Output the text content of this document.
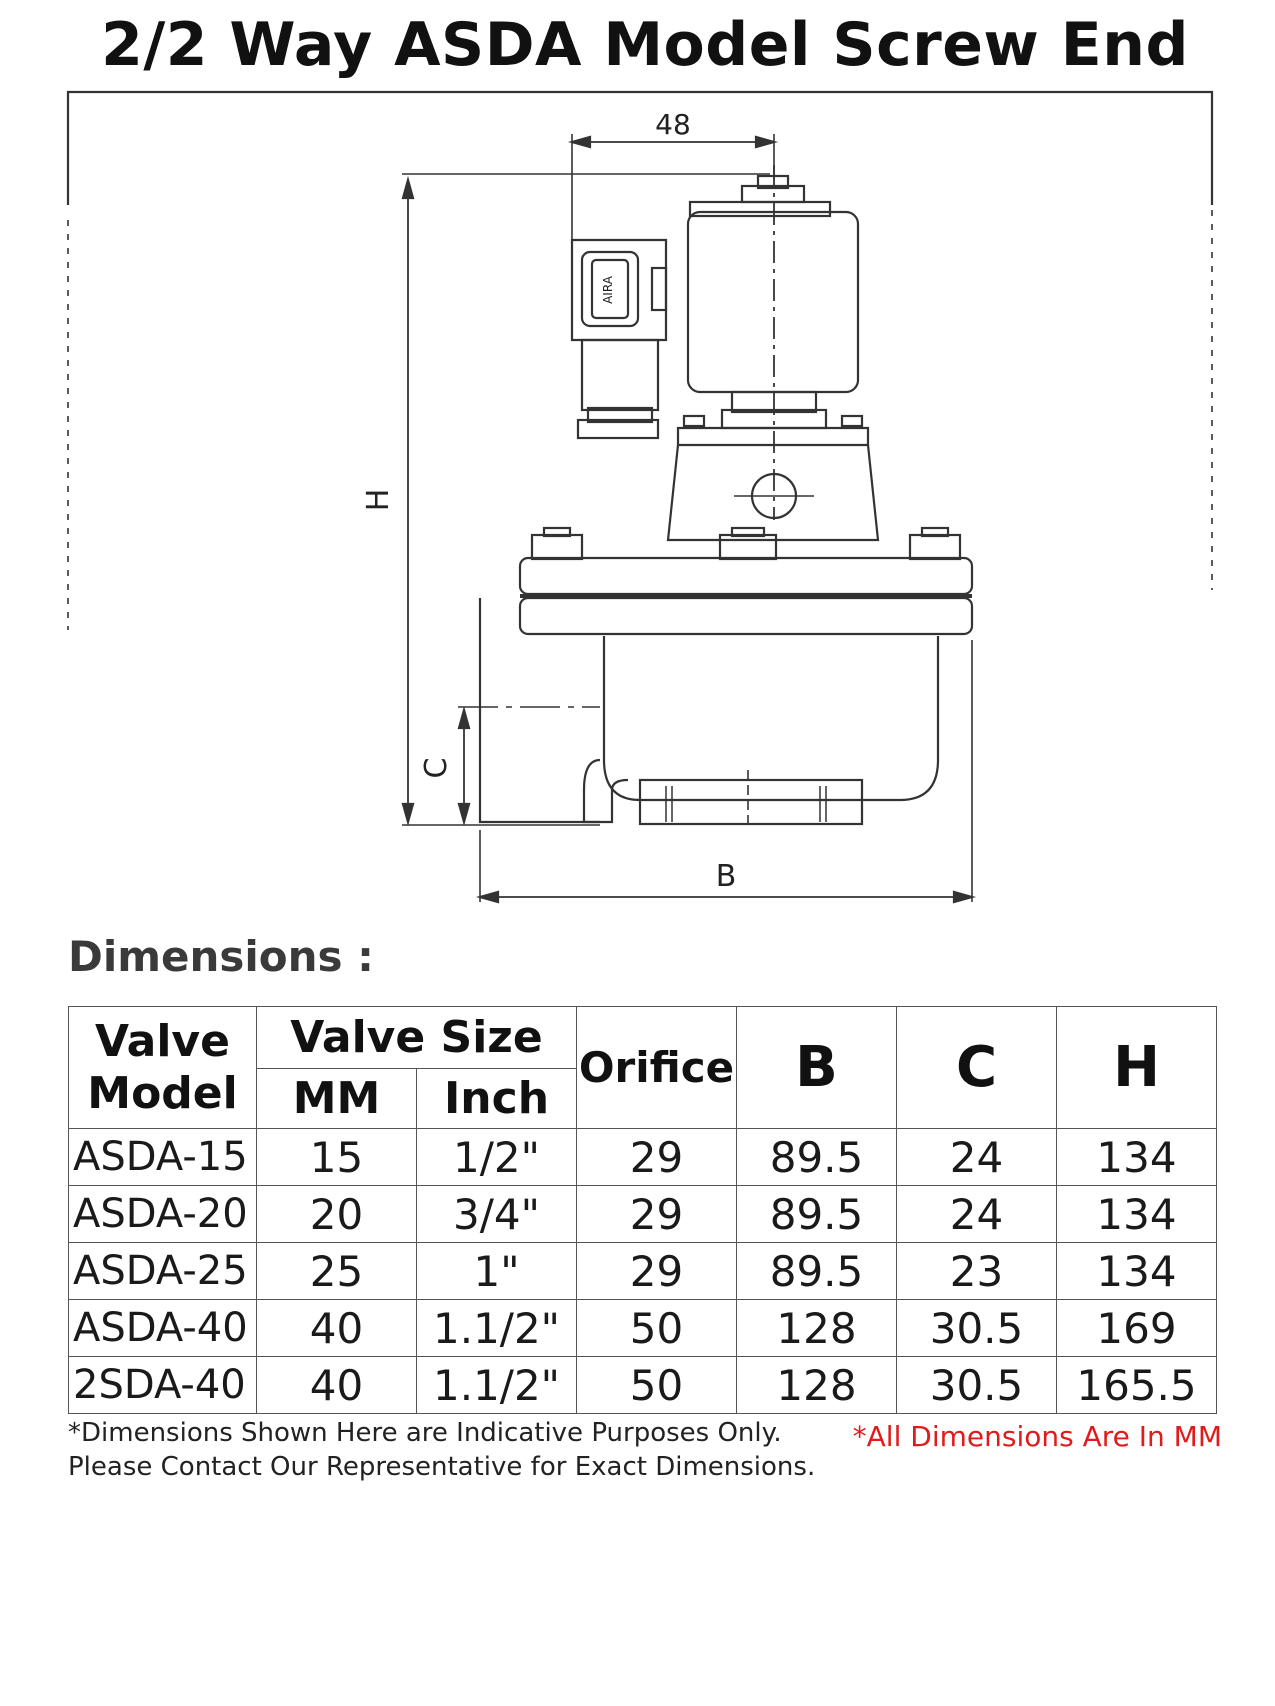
2/2 Way ASDA Model Screw End
48
H
C
B
AIRA
Dimensions :
Valve Model	Valve Size		Orifice	B	C	H
	MM	Inch				
ASDA-15	15	1/2"	29	89.5	24	134
ASDA-20	20	3/4"	29	89.5	24	134
ASDA-25	25	1"	29	89.5	23	134
ASDA-40	40	1.1/2"	50	128	30.5	169
2SDA-40	40	1.1/2"	50	128	30.5	165.5
*Dimensions Shown Here are Indicative Purposes Only.	*All Dimensions Are In MM
Please Contact Our Representative for Exact Dimensions.
